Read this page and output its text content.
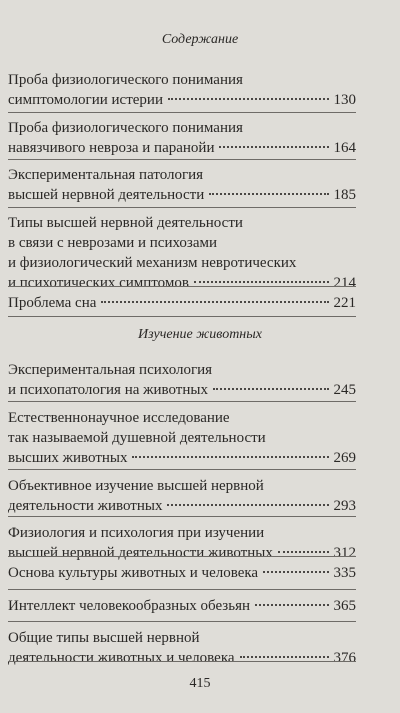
Содержание
Проба физиологического понимания
симптомологии истерии	130
Проба физиологического понимания
навязчивого невроза и паранойи	164
Экспериментальная патология
высшей нервной деятельности	185
Типы высшей нервной деятельности
в связи с неврозами и психозами
и физиологический механизм невротических
и психотических симптомов	214
Проблема сна	221
Изучение животных
Экспериментальная психология
и психопатология на животных	245
Естественнонаучное исследование
так называемой душевной деятельности
высших животных	269
Объективное изучение высшей нервной
деятельности животных	293
Физиология и психология при изучении
высшей нервной деятельности животных	312
Основа культуры животных и человека	335
Интеллект человекообразных обезьян	365
Общие типы высшей нервной
деятельности животных и человека	376
415
